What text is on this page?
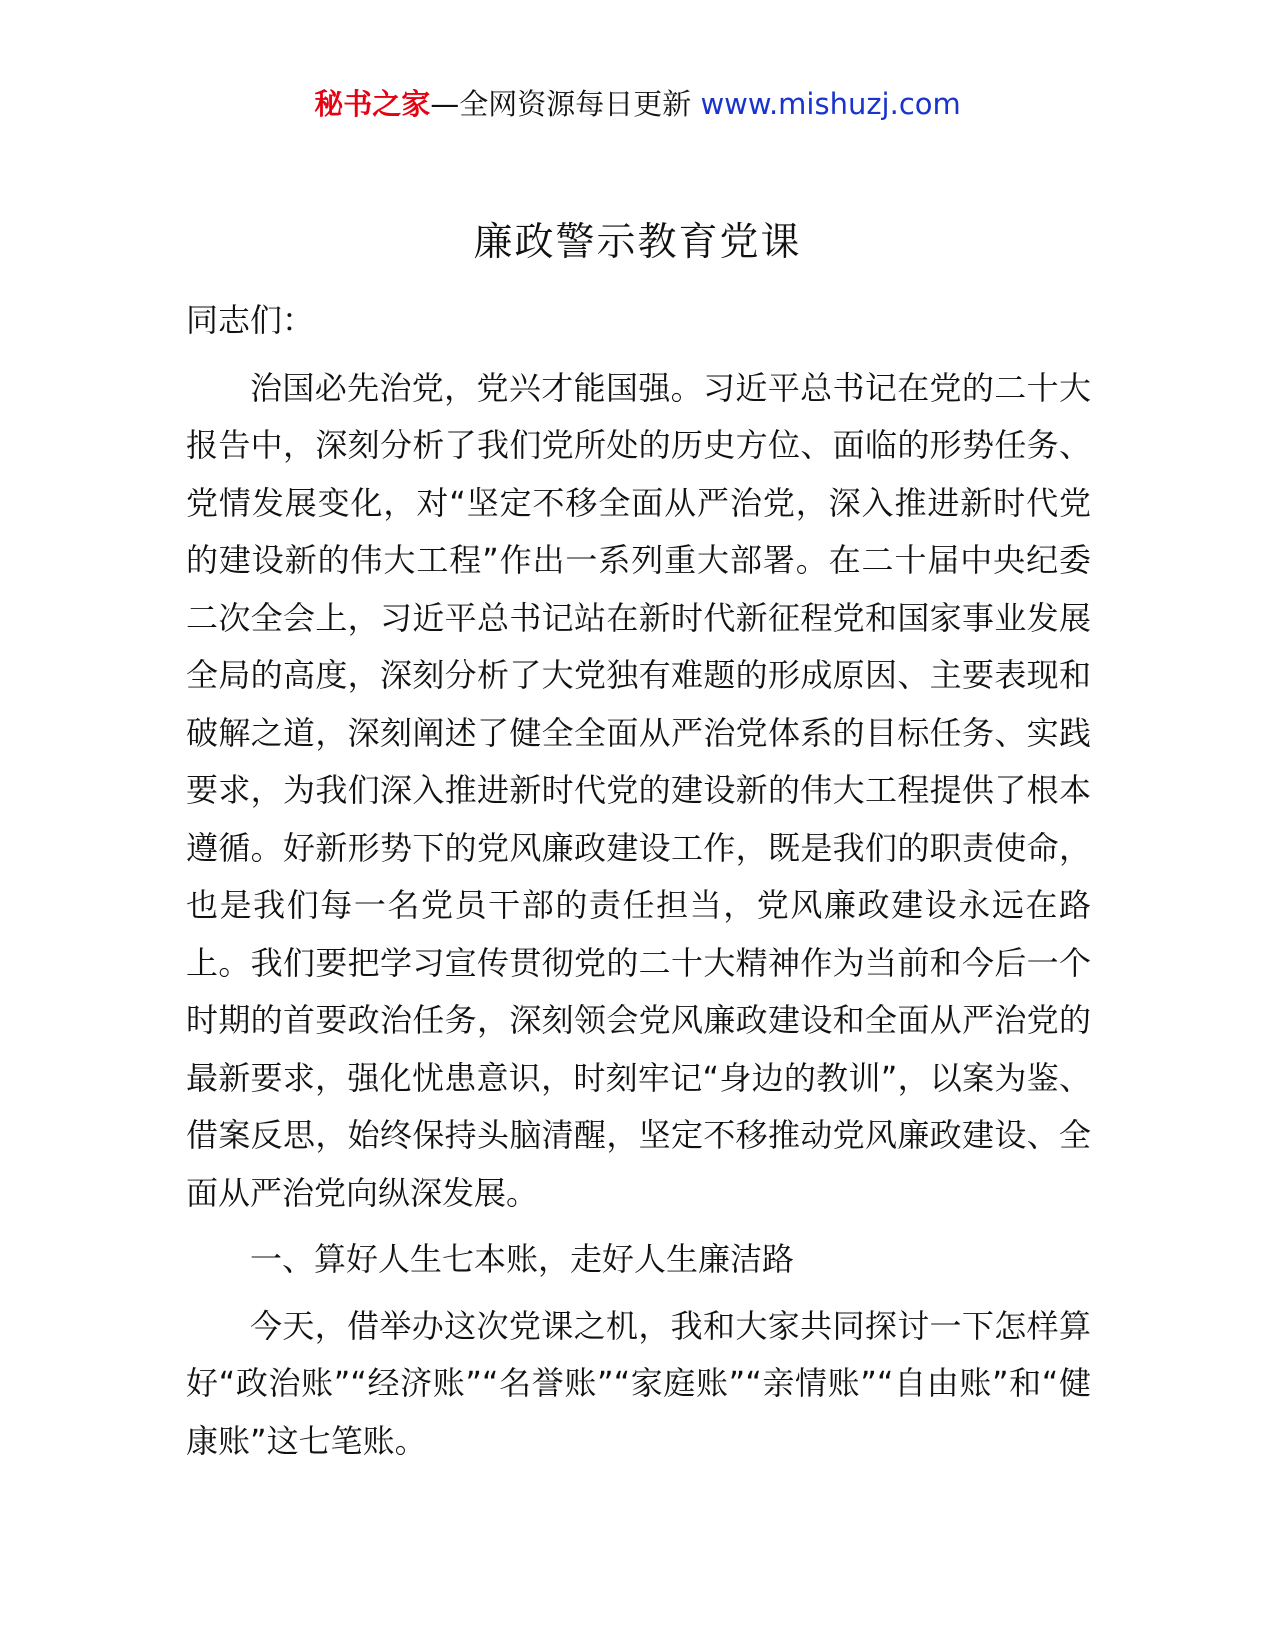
秘书之家—全网资源每日更新 www.mishuzj.com
廉政警示教育党课

同志们：

治国必先治党，党兴才能国强。习近平总书记在党的二十大报告中，深刻分析了我们党所处的历史方位、面临的形势任务、党情发展变化，对“坚定不移全面从严治党，深入推进新时代党的建设新的伟大工程”作出一系列重大部署。在二十届中央纪委二次全会上，习近平总书记站在新时代新征程党和国家事业发展全局的高度，深刻分析了大党独有难题的形成原因、主要表现和破解之道，深刻阐述了健全全面从严治党体系的目标任务、实践要求，为我们深入推进新时代党的建设新的伟大工程提供了根本遵循。好新形势下的党风廉政建设工作，既是我们的职责使命，也是我们每一名党员干部的责任担当，党风廉政建设永远在路上。我们要把学习宣传贯彻党的二十大精神作为当前和今后一个时期的首要政治任务，深刻领会党风廉政建设和全面从严治党的最新要求，强化忧患意识，时刻牢记“身边的教训”，以案为鉴、借案反思，始终保持头脑清醒，坚定不移推动党风廉政建设、全面从严治党向纵深发展。

一、算好人生七本账，走好人生廉洁路

今天，借举办这次党课之机，我和大家共同探讨一下怎样算好“政治账”“经济账”“名誉账”“家庭账”“亲情账”“自由账”和“健康账”这七笔账。
